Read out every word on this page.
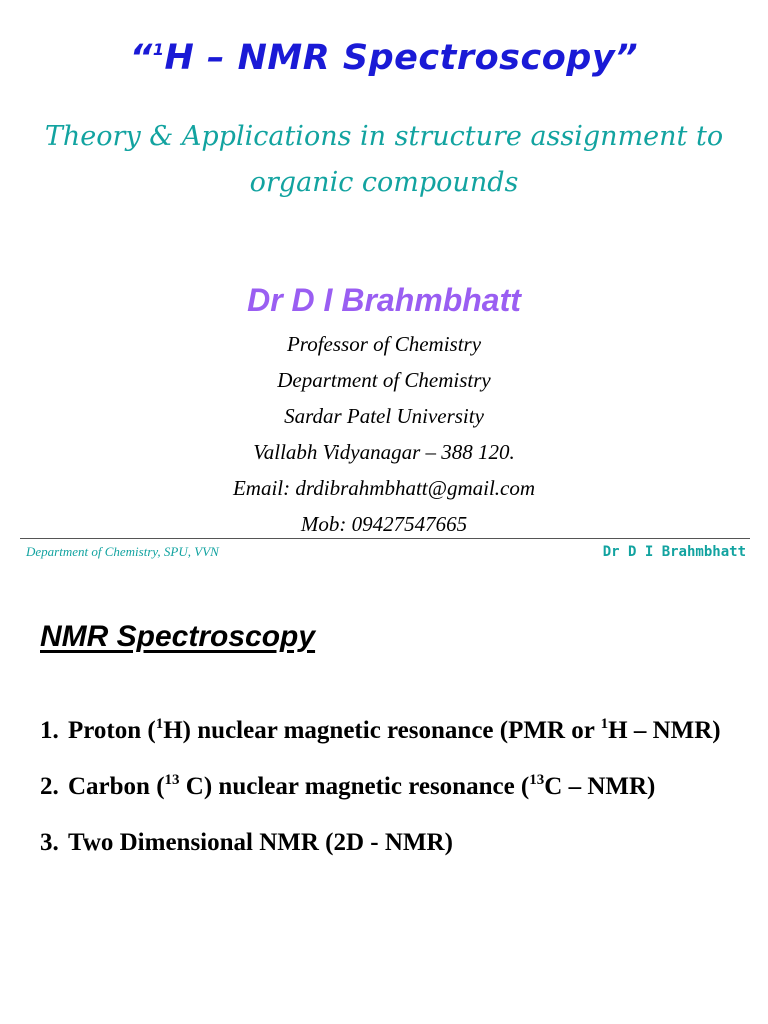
“$^1$H – NMR Spectroscopy”
Theory & Applications in structure assignment to
organic compounds
Dr D I Brahmbhatt
Professor of Chemistry
Department of Chemistry
Sardar Patel University
Vallabh Vidyanagar – 388 120.
Email: drdibrahmbhatt@gmail.com
Mob: 09427547665
Department of Chemistry, SPU, VVN	Dr D I Brahmbhatt
NMR Spectroscopy
1. Proton ($^1$H) nuclear magnetic resonance (PMR or $^1$H – NMR)
2. Carbon ($^{13}$ C) nuclear magnetic resonance ($^{13}$C – NMR)
3. Two Dimensional NMR (2D - NMR)
